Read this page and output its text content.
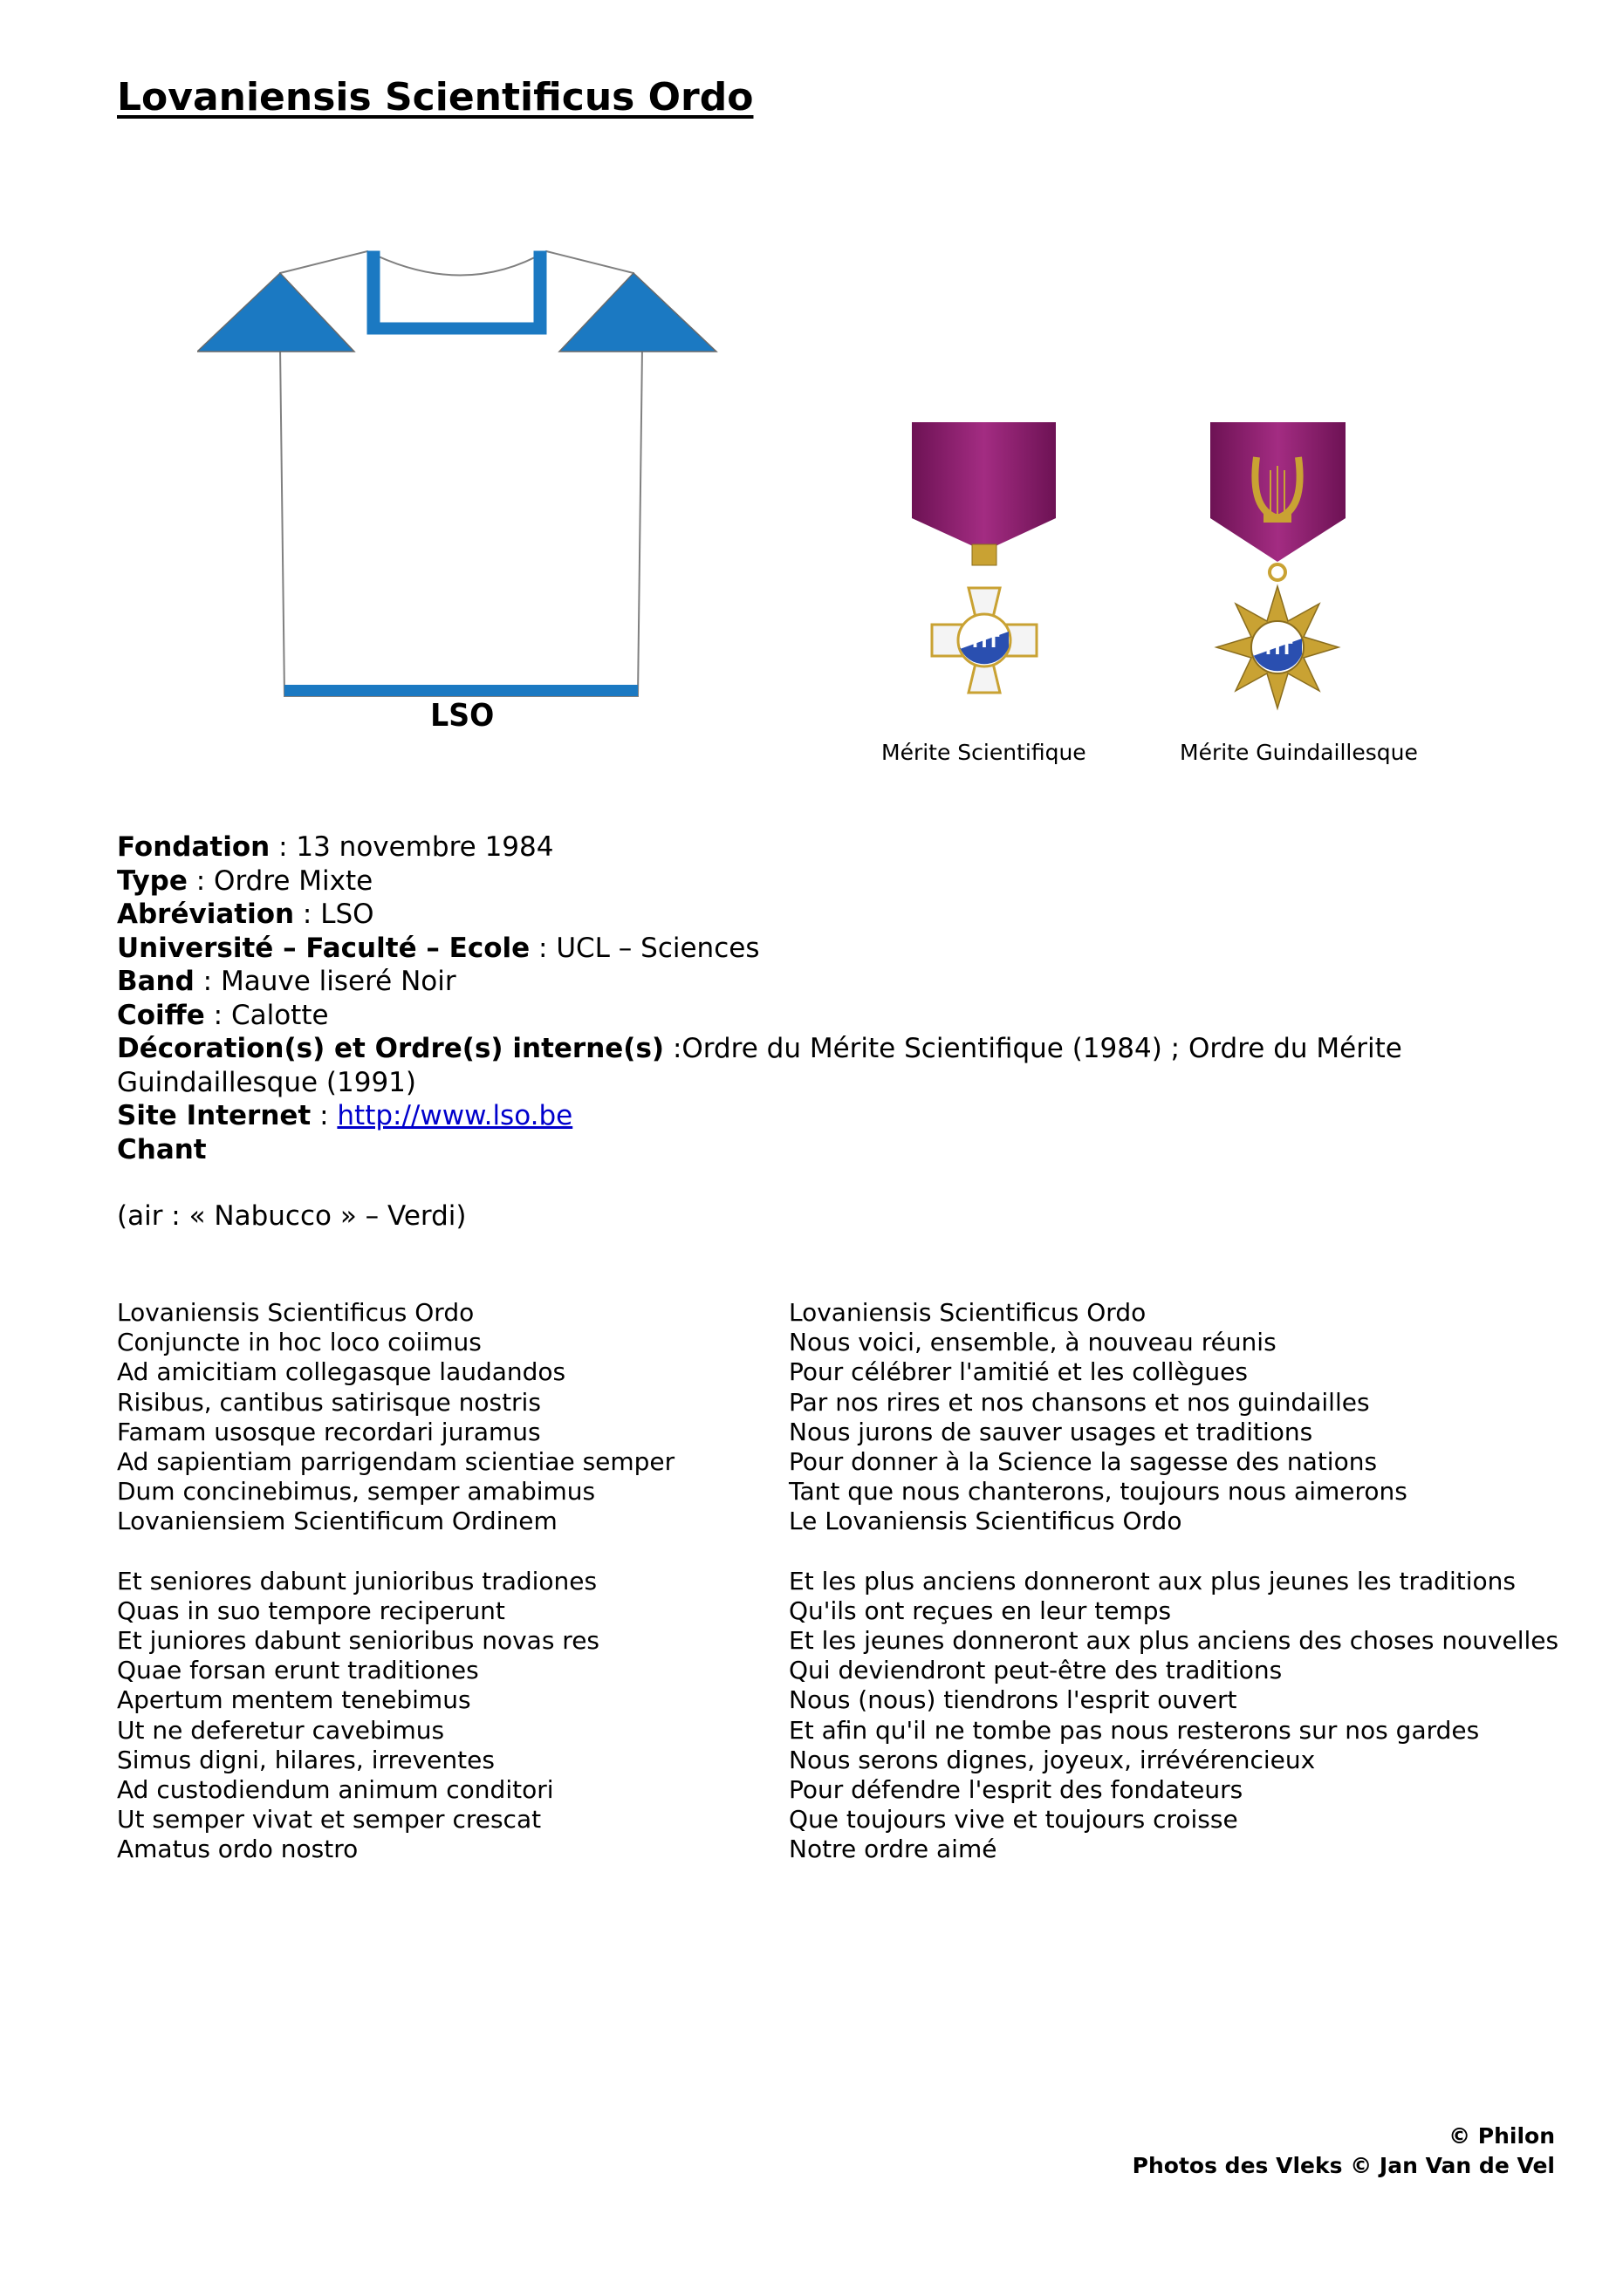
Lovaniensis Scientificus Ordo
LSO
TIT
Mérite Scientifique
TIT
Mérite Guindaillesque

Fondation : 13 novembre 1984

Type : Ordre Mixte

Abréviation : LSO

Université – Faculté – Ecole : UCL – Sciences

Band : Mauve liseré Noir

Coiffe : Calotte

Décoration(s) et Ordre(s) interne(s) :Ordre du Mérite Scientifique (1984) ; Ordre du Mérite Guindaillesque (1991)

Site Internet : http://www.lso.be

Chant

(air : « Nabucco » – Verdi)
Lovaniensis Scientificus Ordo
Conjuncte in hoc loco coiimus
Ad amicitiam collegasque laudandos
Risibus, cantibus satirisque nostris
Famam usosque recordari juramus
Ad sapientiam parrigendam scientiae semper
Dum concinebimus, semper amabimus
Lovaniensiem Scientificum Ordinem
Et seniores dabunt junioribus tradiones
Quas in suo tempore reciperunt
Et juniores dabunt senioribus novas res
Quae forsan erunt traditiones
Apertum mentem tenebimus
Ut ne deferetur cavebimus
Simus digni, hilares, irreventes
Ad custodiendum animum conditori
Ut semper vivat et semper crescat
Amatus ordo nostro
Lovaniensis Scientificus Ordo
Nous voici, ensemble, à nouveau réunis
Pour célébrer l'amitié et les collègues
Par nos rires et nos chansons et nos guindailles
Nous jurons de sauver usages et traditions
Pour donner à la Science la sagesse des nations
Tant que nous chanterons, toujours nous aimerons
Le Lovaniensis Scientificus Ordo
Et les plus anciens donneront aux plus jeunes les traditions
Qu'ils ont reçues en leur temps
Et les jeunes donneront aux plus anciens des choses nouvelles
Qui deviendront peut-être des traditions
Nous (nous) tiendrons l'esprit ouvert
Et afin qu'il ne tombe pas nous resterons sur nos gardes
Nous serons dignes, joyeux, irrévérencieux
Pour défendre l'esprit des fondateurs
Que toujours vive et toujours croisse
Notre ordre aimé
© Philon
Photos des Vleks © Jan Van de Vel
